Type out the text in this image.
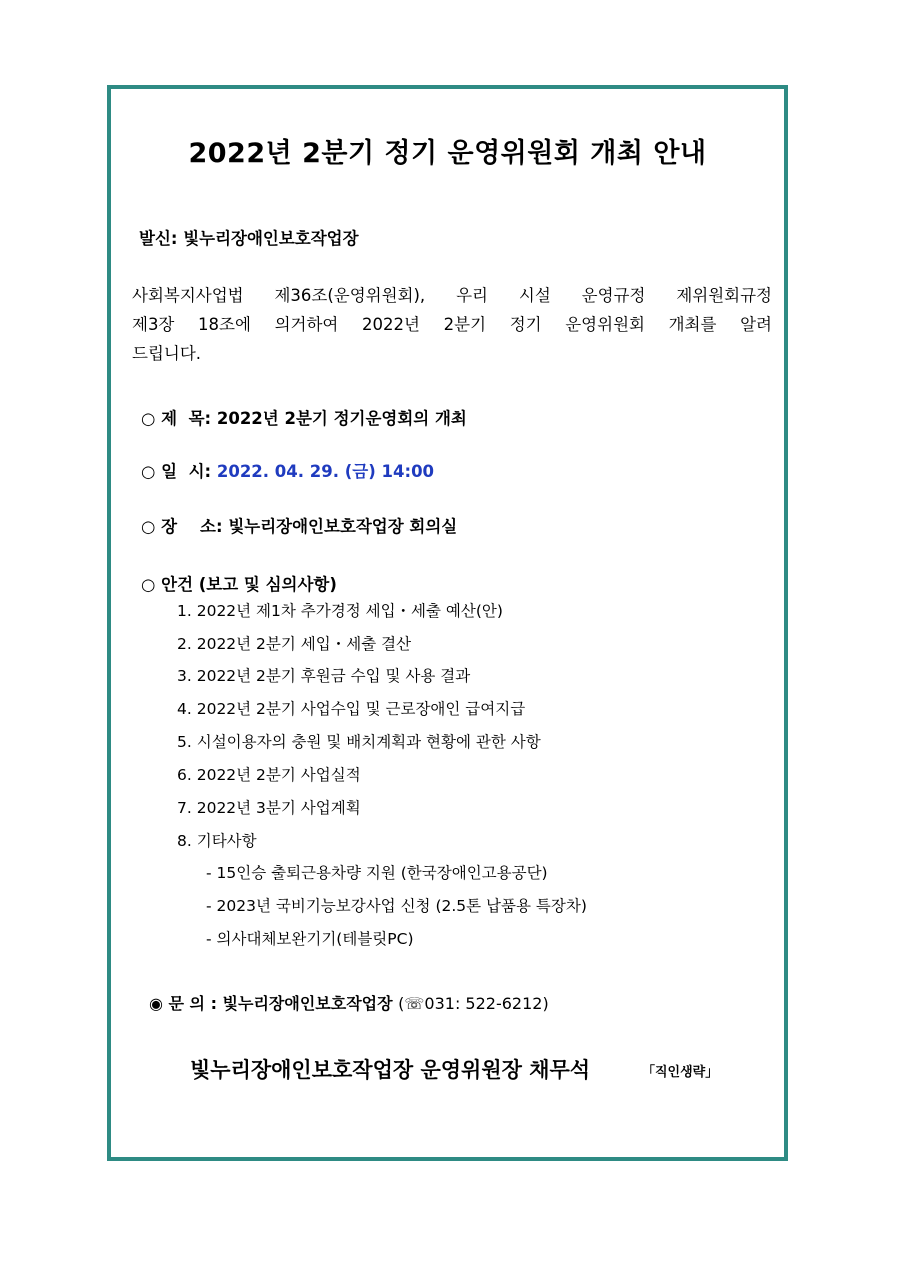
2022년 2분기 정기 운영위원회 개최 안내
발신: 빛누리장애인보호작업장
사회복지사업법 제36조(운영위원회), 우리 시설 운영규정 제위원회규정
제3장 18조에 의거하여 2022년 2분기 정기 운영위원회 개최를 알려
드립니다.
○ 제  목: 2022년 2분기 정기운영회의 개최
○ 일  시: 2022. 04. 29. (금) 14:00
○ 장    소: 빛누리장애인보호작업장 회의실
○ 안건 (보고 및 심의사항)
1. 2022년 제1차 추가경정 세입・세출 예산(안)
2. 2022년 2분기 세입・세출 결산
3. 2022년 2분기 후원금 수입 및 사용 결과
4. 2022년 2분기 사업수입 및 근로장애인 급여지급
5. 시설이용자의 충원 및 배치계획과 현황에 관한 사항
6. 2022년 2분기 사업실적
7. 2022년 3분기 사업계획
8. 기타사항
- 15인승 출퇴근용차량 지원 (한국장애인고용공단)
- 2023년 국비기능보강사업 신청 (2.5톤 납품용 특장차)
- 의사대체보완기기(테블릿PC)
◉ 문 의 : 빛누리장애인보호작업장 (☏031: 522-6212)
빛누리장애인보호작업장 운영위원장 채무석	「직인생략」
